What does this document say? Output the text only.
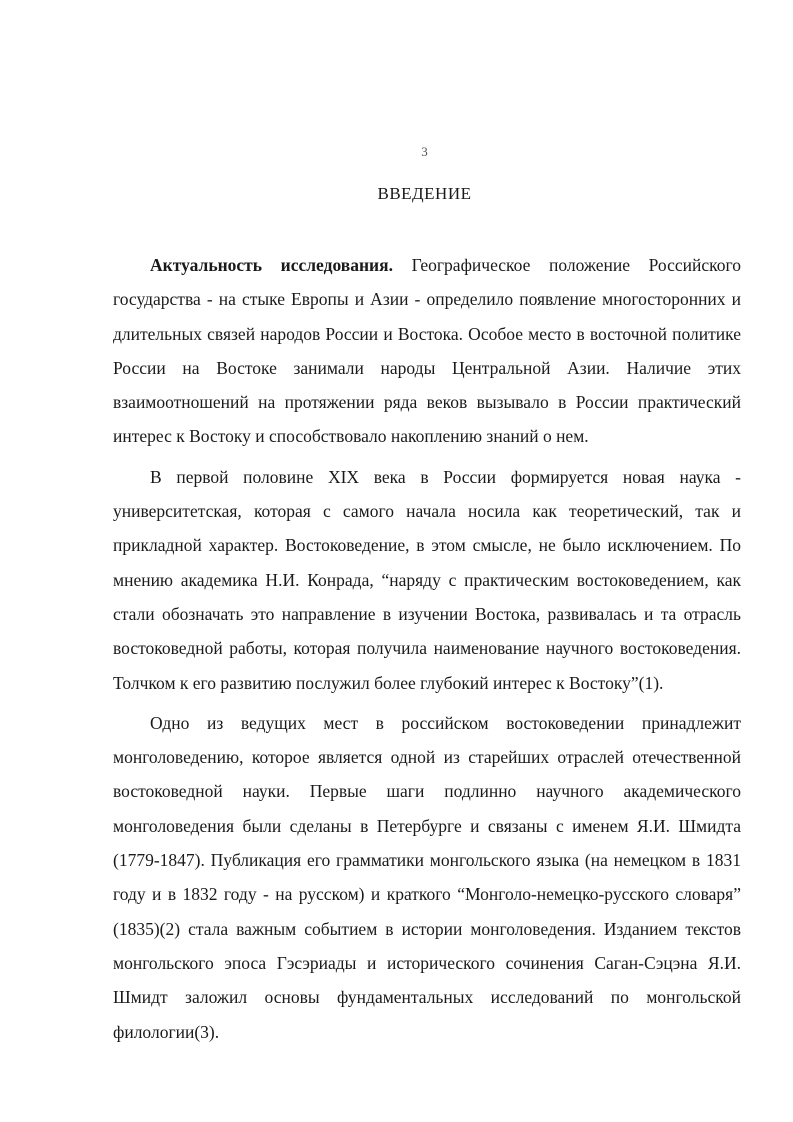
3
ВВЕДЕНИЕ

Актуальность исследования. Географическое положение Российского государства - на стыке Европы и Азии - определило появление многосторонних и длительных связей народов России и Востока. Особое место в восточной политике России на Востоке занимали народы Центральной Азии. Наличие этих взаимоотношений на протяжении ряда веков вызывало в России практический интерес к Востоку и способствовало накоплению знаний о нем.

В первой половине XIX века в России формируется новая наука - университетская, которая с самого начала носила как теоретический, так и прикладной характер. Востоковедение, в этом смысле, не было исключением. По мнению академика Н.И. Конрада, “наряду с практическим востоковедением, как стали обозначать это направление в изучении Востока, развивалась и та отрасль востоковедной работы, которая получила наименование научного востоковедения. Толчком к его развитию послужил более глубокий интерес к Востоку”(1).

Одно из ведущих мест в российском востоковедении принадлежит монголоведению, которое является одной из старейших отраслей отечественной востоковедной науки. Первые шаги подлинно научного академического монголоведения были сделаны в Петербурге и связаны с именем Я.И. Шмидта (1779-1847). Публикация его грамматики монгольского языка (на немецком в 1831 году и в 1832 году - на русском) и краткого “Монголо-немецко-русского словаря” (1835)(2) стала важным событием в истории монголоведения. Изданием текстов монгольского эпоса Гэсэриады и исторического сочинения Саган-Сэцэна Я.И. Шмидт заложил основы фундаментальных исследований по монгольской филологии(3).
